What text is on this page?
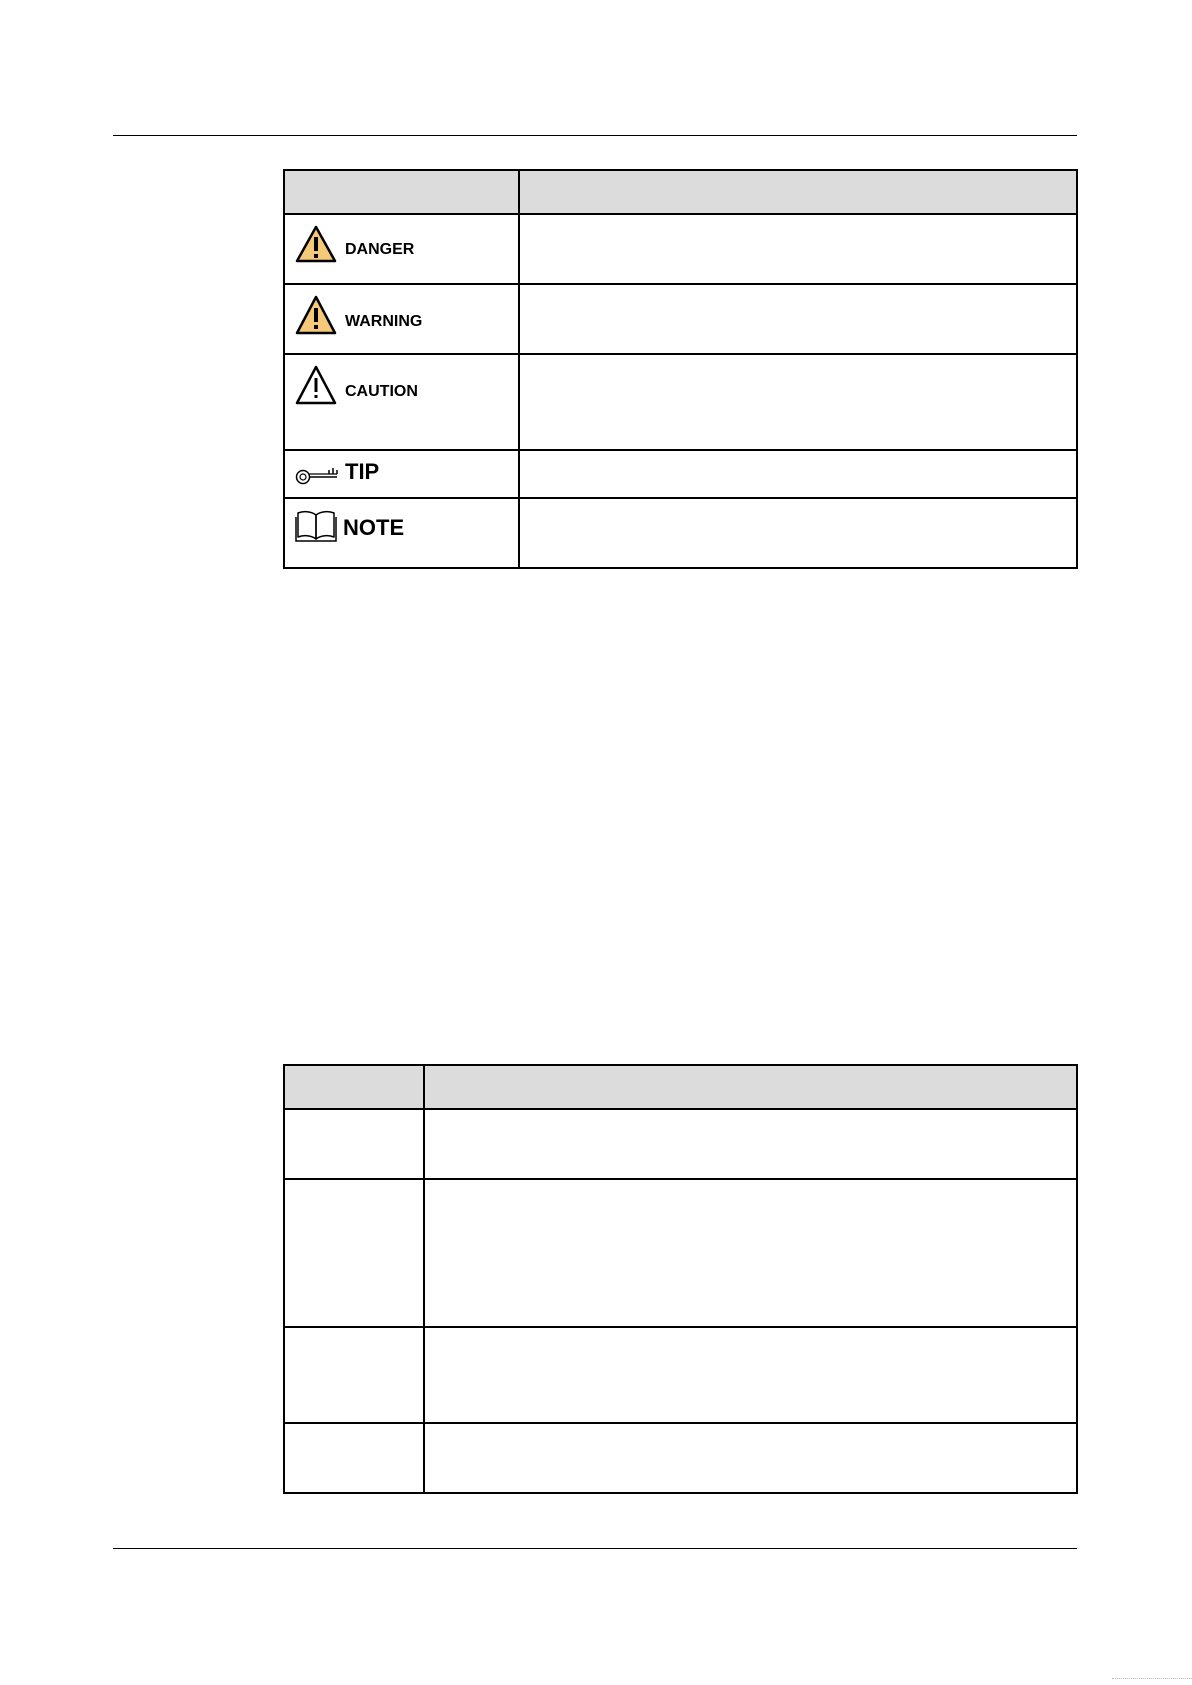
DANGER	

WARNING	

CAUTION	

TIP	

NOTE	
